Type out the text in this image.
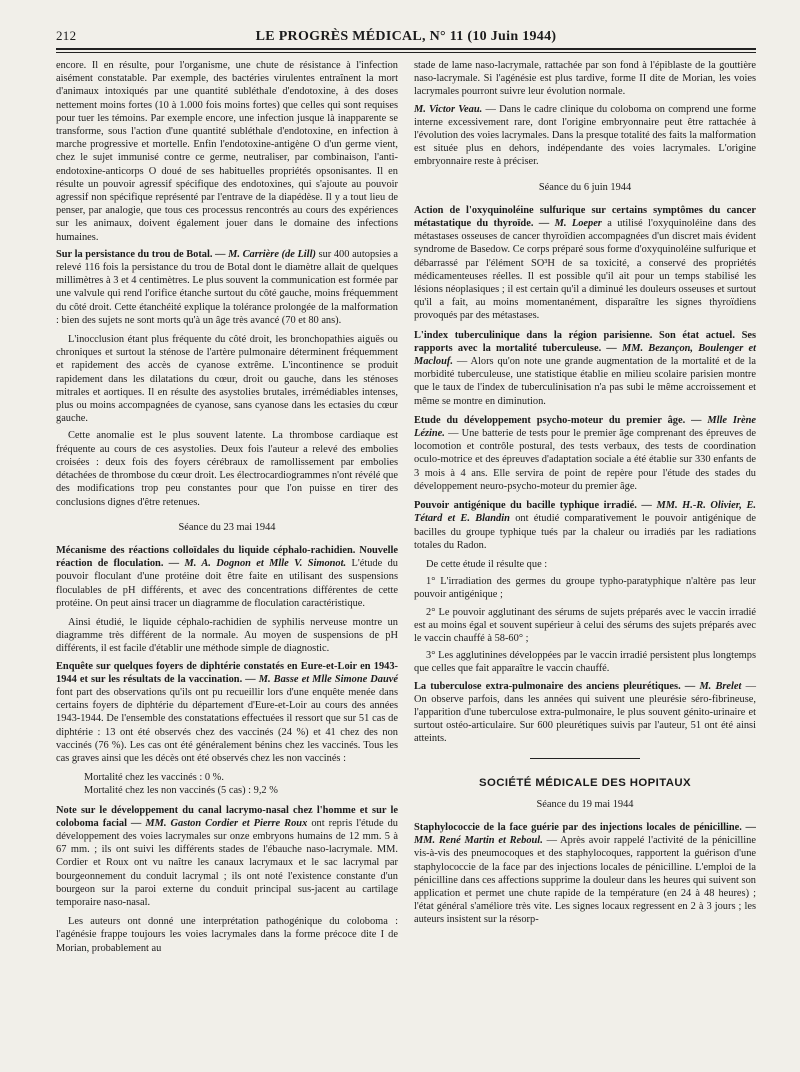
212	LE PROGRÈS MÉDICAL, N° 11 (10 Juin 1944)

encore. Il en résulte, pour l'organisme, une chute de résistance à l'infection aisément constatable. Par exemple, des bactéries virulentes entraînent la mort d'animaux intoxiqués par une quantité subléthale d'endotoxine, à des doses nettement moins fortes (10 à 1.000 fois moins fortes) que celles qui sont requises pour tuer les témoins. Par exemple encore, une infection jusque là inapparente se transforme, sous l'action d'une quantité subléthale d'endotoxine, en infection à marche progressive et mortelle. Enfin l'endotoxine-antigène O d'un germe vient, chez le sujet immunisé contre ce germe, neutraliser, par combinaison, l'anti-endotoxine-anticorps O doué de ses habituelles propriétés opsonisantes. Il en résulte un pouvoir agressif spécifique des endotoxines, qui s'ajoute au pouvoir agressif non spécifique représenté par l'entrave de la diapédèse. Il y a tout lieu de penser, par analogie, que tous ces processus rencontrés au cours des expériences sur les animaux, doivent également jouer dans le domaine des infections humaines.

Sur la persistance du trou de Botal. — M. Carrière (de Lill) sur 400 autopsies a relevé 116 fois la persistance du trou de Botal dont le diamètre allait de quelques millimètres à 3 et 4 centimètres. Le plus souvent la communication est formée par une valvule qui rend l'orifice étanche surtout du côté gauche, moins fréquemment du côté droit. Cette étanchéité explique la tolérance prolongée de la malformation : bien des sujets ne sont morts qu'à un âge très avancé (70 et 80 ans).

L'inocclusion étant plus fréquente du côté droit, les bronchopathies aiguës ou chroniques et surtout la sténose de l'artère pulmonaire déterminent fréquemment et rapidement des accès de cyanose extrême. L'incontinence se produit rapidement dans les dilatations du cœur, droit ou gauche, dans les sténoses mitrales et aortiques. Il en résulte des asystolies brutales, irrémédiables intenses, plus ou moins accompagnées de cyanose, sans cyanose dans les ectasies du cœur gauche.

Cette anomalie est le plus souvent latente. La thrombose cardiaque est fréquente au cours de ces asystolies. Deux fois l'auteur a relevé des embolies croisées : deux fois des foyers cérébraux de ramollissement par embolies détachées de thrombose du cœur droit. Les électrocardiogrammes n'ont révélé que des modifications trop peu constantes pour que l'on puisse en tirer des conclusions dignes d'être retenues.

Séance du 23 mai 1944
Mécanisme des réactions colloïdales du liquide céphalo-rachidien. Nouvelle réaction de floculation. — M. A. Dognon et Mlle V. Simonot. L'étude du pouvoir floculant d'une protéine doit être faite en utilisant des suspensions floculables de pH différents, et avec des concentrations différentes de cette protéine. On peut ainsi tracer un diagramme de floculation caractéristique.

Ainsi étudié, le liquide céphalo-rachidien de syphilis nerveuse montre un diagramme très différent de la normale. Au moyen de suspensions de pH différents, il est facile d'établir une méthode simple de diagnostic.

Enquête sur quelques foyers de diphtérie constatés en Eure-et-Loir en 1943-1944 et sur les résultats de la vaccination. — M. Basse et Mlle Simone Dauvé font part des observations qu'ils ont pu recueillir lors d'une enquête menée dans certains foyers de diphtérie du département d'Eure-et-Loir au cours des années 1943-1944. De l'ensemble des constatations effectuées il ressort que sur 51 cas de diphtérie : 13 ont été observés chez des vaccinés (24 %) et 41 chez des non vaccinés (76 %). Les cas ont été généralement bénins chez les vaccinés. Tous les cas graves ainsi que les décès ont été observés chez les non vaccinés :
Mortalité chez les vaccinés : 0 %.
Mortalité chez les non vaccinés (5 cas) : 9,2 %
Note sur le développement du canal lacrymo-nasal chez l'homme et sur le coloboma facial — MM. Gaston Cordier et Pierre Roux ont repris l'étude du développement des voies lacrymales sur onze embryons humains de 12 mm. 5 à 67 mm. ; ils ont suivi les différents stades de l'ébauche naso-lacrymale. MM. Cordier et Roux ont vu naître les canaux lacrymaux et le sac lacrymal par bourgeonnement du conduit lacrymal ; ils ont noté l'existence constante d'un bourgeon sur la paroi externe du conduit principal sus-jacent au cartilage temporaire naso-nasal.

Les auteurs ont donné une interprétation pathogénique du coloboma : l'agénésie frappe toujours les voies lacrymales dans la forme précoce dite I de Morian, probablement au

stade de lame naso-lacrymale, rattachée par son fond à l'épiblaste de la gouttière naso-lacrymale. Si l'agénésie est plus tardive, forme II dite de Morian, les voies lacrymales pourront suivre leur évolution normale.

M. Victor Veau. — Dans le cadre clinique du coloboma on comprend une forme interne excessivement rare, dont l'origine embryonnaire peut être rattachée à l'évolution des voies lacrymales. Dans la presque totalité des faits la malformation est située plus en dehors, indépendante des voies lacrymales. L'origine embryonnaire reste à préciser.
Séance du 6 juin 1944
Action de l'oxyquinoléine sulfurique sur certains symptômes du cancer métastatique du thyroïde. — M. Loeper a utilisé l'oxyquinoléine dans des métastases osseuses de cancer thyroïdien accompagnées d'un discret mais évident syndrome de Basedow. Ce corps préparé sous forme d'oxyquinoléine sulfurique et débarrassé par l'élément SO³H de sa toxicité, a conservé des propriétés médicamenteuses réelles. Il est possible qu'il ait pour un temps stabilisé les lésions néoplasiques ; il est certain qu'il a diminué les douleurs osseuses et surtout qu'il a fait, au moins momentanément, disparaître les signes thyroïdiens provoqués par des métastases.
L'index tuberculinique dans la région parisienne. Son état actuel. Ses rapports avec la mortalité tuberculeuse. — MM. Bezançon, Boulenger et Maclouf. — Alors qu'on note une grande augmentation de la mortalité et de la morbidité tuberculeuse, une statistique établie en milieu scolaire parisien montre que le taux de l'index de tuberculinisation n'a pas subi le même accroissement et même se montre en diminution.
Etude du développement psycho-moteur du premier âge. — Mlle Irène Lézine. — Une batterie de tests pour le premier âge comprenant des épreuves de locomotion et contrôle postural, des tests verbaux, des tests de coordination oculo-motrice et des épreuves d'adaptation sociale a été établie sur 330 enfants de 3 mois à 4 ans. Elle servira de point de repère pour l'étude des stades du développement neuro-psycho-moteur du premier âge.
Pouvoir antigénique du bacille typhique irradié. — MM. H.-R. Olivier, E. Tétard et E. Blandin ont étudié comparativement le pouvoir antigénique de bacilles du groupe typhique tués par la chaleur ou irradiés par les radiations totales du Radon.

De cette étude il résulte que :

1° L'irradiation des germes du groupe typho-paratyphique n'altère pas leur pouvoir antigénique ;

2° Le pouvoir agglutinant des sérums de sujets préparés avec le vaccin irradié est au moins égal et souvent supérieur à celui des sérums des sujets préparés avec le vaccin chauffé à 58-60° ;

3° Les agglutinines développées par le vaccin irradié persistent plus longtemps que celles que fait apparaître le vaccin chauffé.

La tuberculose extra-pulmonaire des anciens pleurétiques. — M. Brelet — On observe parfois, dans les années qui suivent une pleurésie séro-fibrineuse, l'apparition d'une tuberculose extra-pulmonaire, le plus souvent génito-urinaire et surtout ostéo-articulaire. Sur 600 pleurétiques suivis par l'auteur, 51 ont été ainsi atteints.
SOCIÉTÉ MÉDICALE DES HOPITAUX
Séance du 19 mai 1944
Staphylococcie de la face guérie par des injections locales de pénicilline. — MM. René Martin et Reboul. — Après avoir rappelé l'activité de la pénicilline vis-à-vis des pneumocoques et des staphylocoques, rapportent la guérison d'une staphylococcie de la face par des injections locales de pénicilline. L'emploi de la pénicilline dans ces affections supprime la douleur dans les heures qui suivent son application et permet une chute rapide de la température (en 24 à 48 heures) ; l'état général s'améliore très vite. Les signes locaux regressent en 2 à 3 jours ; les auteurs insistent sur la résorp-
